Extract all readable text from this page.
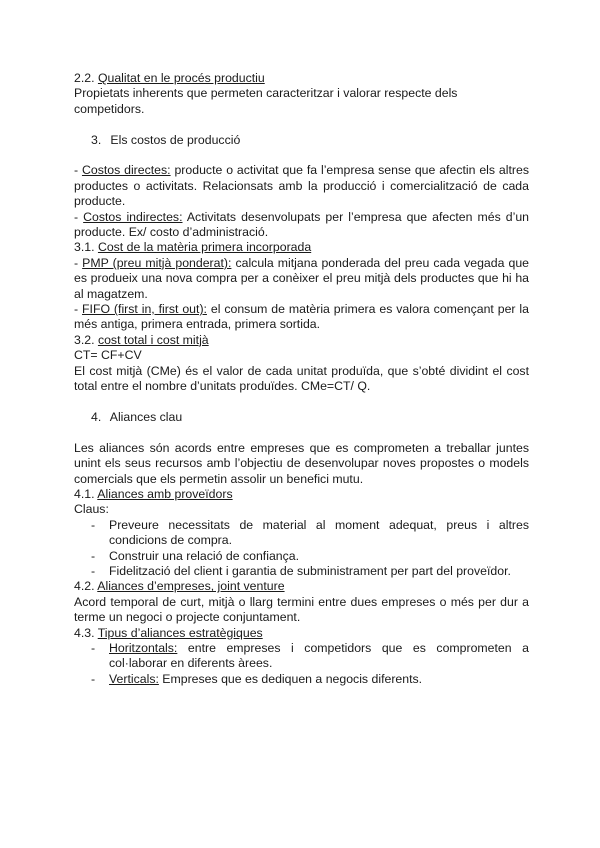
2.2. Qualitat en le procés productiu

Propietats inherents que permeten caracteritzar i valorar respecte dels competidors.

3. Els costos de producció

- Costos directes: producte o activitat que fa l’empresa sense que afectin els altres productes o activitats. Relacionsats amb la producció i comercialització de cada producte.

- Costos indirectes: Activitats desenvolupats per l’empresa que afecten més d’un producte. Ex/ costo d’administració.

3.1. Cost de la matèria primera incorporada

- PMP (preu mitjà ponderat): calcula mitjana ponderada del preu cada vegada que es produeix una nova compra per a conèixer el preu mitjà dels productes que hi ha al magatzem.

- FIFO (first in, first out): el consum de matèria primera es valora començant per la més antiga, primera entrada, primera sortida.

3.2. cost total i cost mitjà

CT= CF+CV

El cost mitjà (CMe) és el valor de cada unitat produïda, que s’obté dividint el cost total entre el nombre d’unitats produïdes. CMe=CT/ Q.

4. Aliances clau

Les aliances són acords entre empreses que es comprometen a treballar juntes unint els seus recursos amb l’objectiu de desenvolupar noves propostes o models comercials que els permetin assolir un benefici mutu.

4.1. Aliances amb proveïdors

Claus:

- Preveure necessitats de material al moment adequat, preus i altres condicions de compra.
- Construir una relació de confiança.
- Fidelització del client i garantia de subministrament per part del proveïdor.

4.2. Aliances d’empreses, joint venture

Acord temporal de curt, mitjà o llarg termini entre dues empreses o més per dur a terme un negoci o projecte conjuntament.

4.3. Tipus d’aliances estratègiques

- Horitzontals: entre empreses i competidors que es comprometen a col·laborar en diferents àrees.
- Verticals: Empreses que es dediquen a negocis diferents.
